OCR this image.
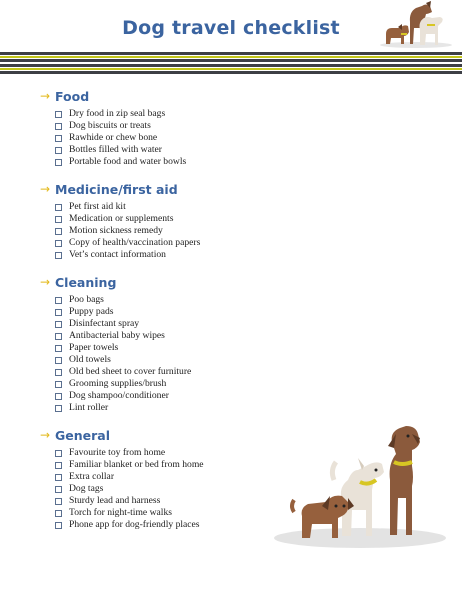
Dog travel checklist
→ Food
Dry food in zip seal bags
Dog biscuits or treats
Rawhide or chew bone
Bottles filled with water
Portable food and water bowls
→ Medicine/first aid
Pet first aid kit
Medication or supplements
Motion sickness remedy
Copy of health/vaccination papers
Vet’s contact information
→ Cleaning
Poo bags
Puppy pads
Disinfectant spray
Antibacterial baby wipes
Paper towels
Old towels
Old bed sheet to cover furniture
Grooming supplies/brush
Dog shampoo/conditioner
Lint roller
→ General
Favourite toy from home
Familiar blanket or bed from home
Extra collar
Dog tags
Sturdy lead and harness
Torch for night-time walks
Phone app for dog-friendly places
